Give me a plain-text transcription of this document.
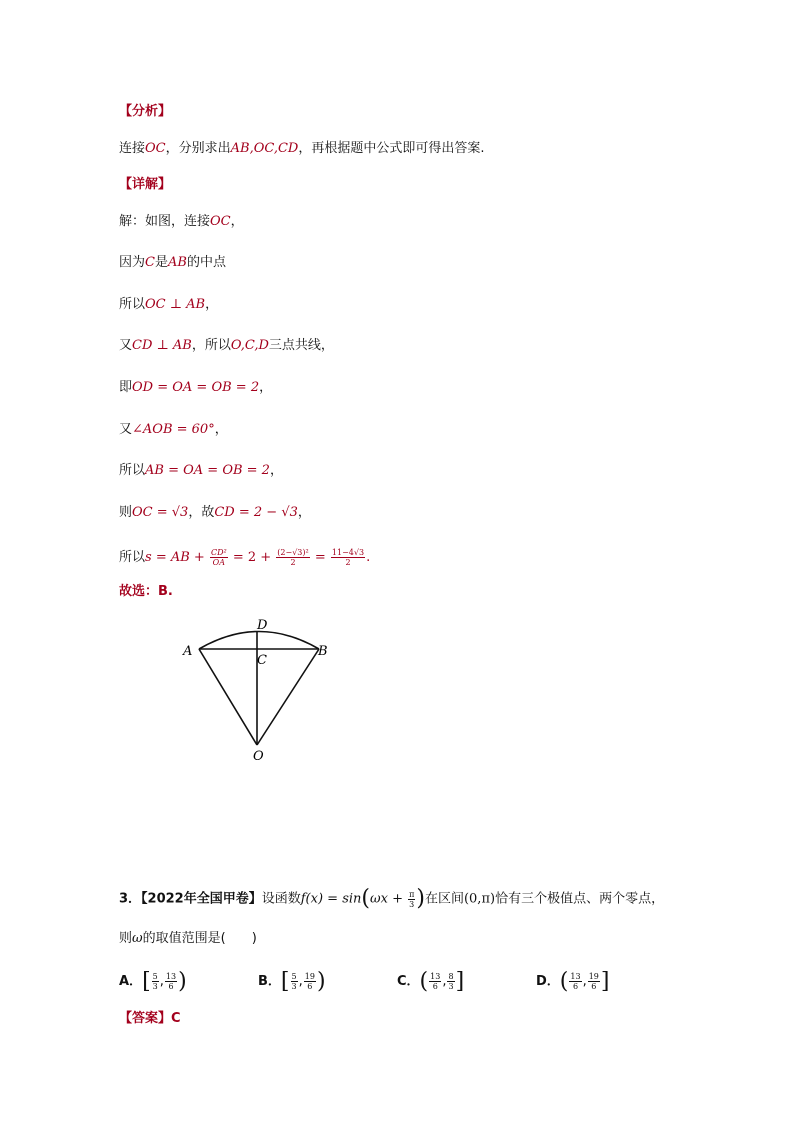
【分析】
连接OC，分别求出AB,OC,CD，再根据题中公式即可得出答案.
【详解】
解：如图，连接OC，
因为C是AB的中点
所以OC ⊥ AB，
又CD ⊥ AB，所以O,C,D三点共线，
即OD = OA = OB = 2，
又∠AOB = 60°，
所以AB = OA = OB = 2，
则OC = √3，故CD = 2 − √3，
所以s = AB + $\frac{\text{CD²}}{OA} = 2 + \frac{\text{(2−√3)²}}{2} = \frac{11-4√3}{2}$ .
故选：B.
A	B
C
D
O
3．【2022年全国甲卷】设函数$f(x) = \sin(\omega x + \frac{\pi}{3}$ )在区间(0,π)恰有三个极值点、两个零点，
则ω的取值范围是(　　)
A．[ $\frac{5}{3}$ , $\frac{13}{6}$ )	B．[ $\frac{5}{3}$ , $\frac{19}{6}$ )	C．( $\frac{13}{6}$ , $\frac{8}{3}$ ]	D．( $\frac{13}{6}$ , $\frac{19}{6}$ ]
【答案】C
